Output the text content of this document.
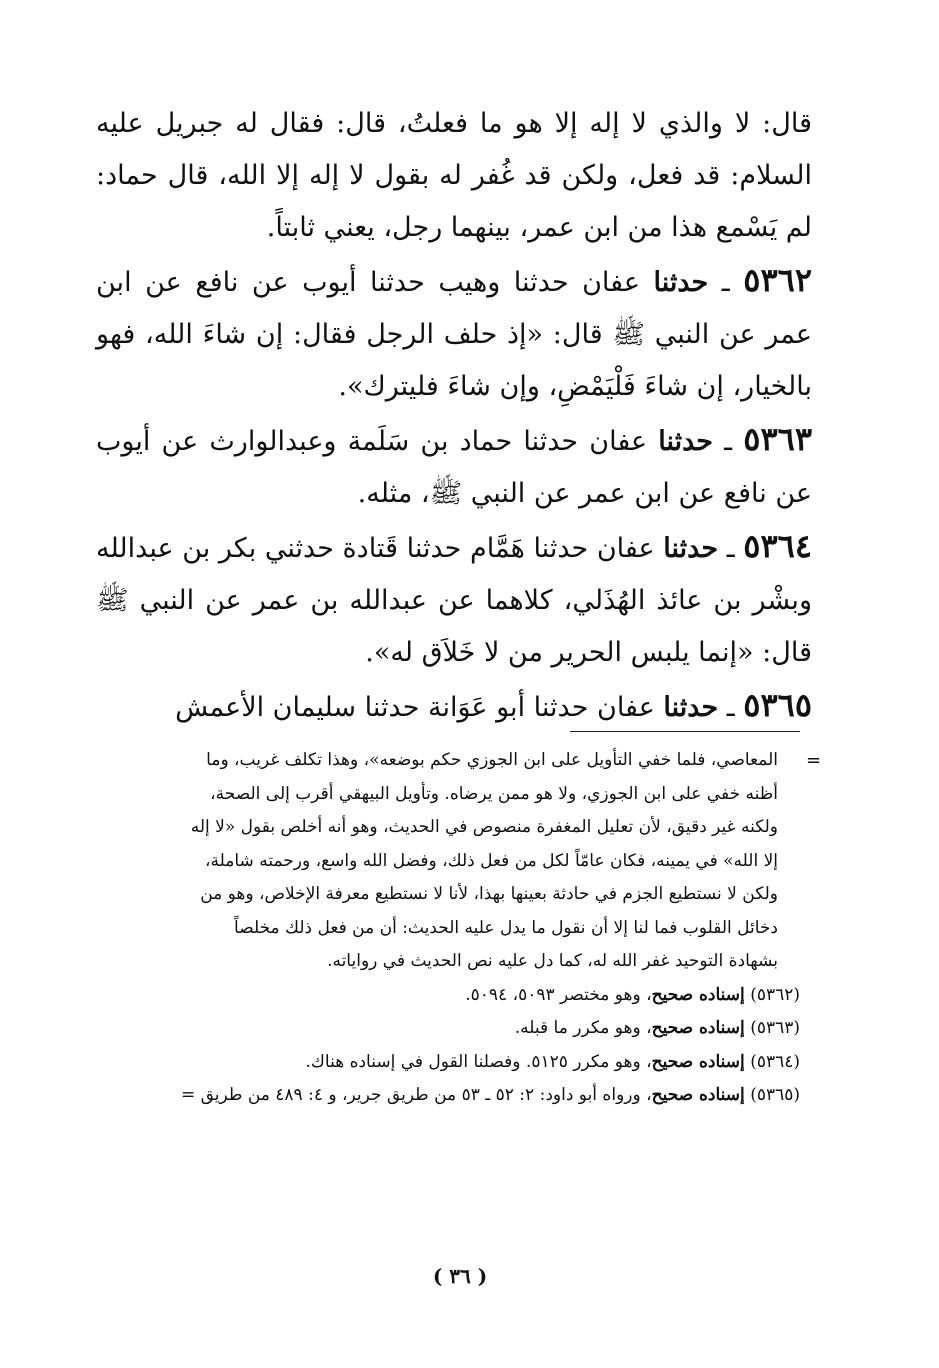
قال: لا والذي لا إله إلا هو ما فعلتُ، قال: فقال له جبريل عليه السلام: قد فعل، ولكن قد غُفر له بقول لا إله إلا الله، قال حماد: لم يَسْمع هذا من ابن عمر، بينهما رجل، يعني ثابتاً.

٥٣٦٢ ـ حدثنا عفان حدثنا وهيب حدثنا أيوب عن نافع عن ابن عمر عن النبي ﷺ قال: «إذ حلف الرجل فقال: إن شاءَ الله، فهو بالخيار، إن شاءَ فَلْيَمْضِ، وإن شاءَ فليترك».

٥٣٦٣ ـ حدثنا عفان حدثنا حماد بن سَلَمة وعبدالوارث عن أيوب عن نافع عن ابن عمر عن النبي ﷺ، مثله.

٥٣٦٤ ـ حدثنا عفان حدثنا هَمَّام حدثنا قَتادة حدثني بكر بن عبدالله وبشْر بن عائذ الهُذَلي، كلاهما عن عبدالله بن عمر عن النبي ﷺ قال: «إنما يلبس الحرير من لا خَلاَق له».

٥٣٦٥ ـ حدثنا عفان حدثنا أبو عَوَانة حدثنا سليمان الأعمش

=

المعاصي، فلما خفي التأويل على ابن الجوزي حكم بوضعه»، وهذا تكلف غريب، وما

أظنه خفي على ابن الجوزي، ولا هو ممن يرضاه. وتأويل البيهقي أقرب إلى الصحة،

ولكنه غير دقيق، لأن تعليل المغفرة منصوص في الحديث، وهو أنه أخلص بقول «لا إله

إلا الله» في يمينه، فكان عامّاً لكل من فعل ذلك، وفضل الله واسع، ورحمته شاملة،

ولكن لا نستطيع الجزم في حادثة بعينها بهذا، لأنا لا نستطيع معرفة الإخلاص، وهو من

دخائل القلوب فما لنا إلا أن نقول ما يدل عليه الحديث: أن من فعل ذلك مخلصاً

بشهادة التوحيد غفر الله له، كما دل عليه نص الحديث في رواياته.

(٥٣٦٢) إسناده صحيح، وهو مختصر ٥٠٩٣، ٥٠٩٤.

(٥٣٦٣) إسناده صحيح، وهو مكرر ما قبله.

(٥٣٦٤) إسناده صحيح، وهو مكرر ٥١٢٥. وفصلنا القول في إسناده هناك.

(٥٣٦٥) إسناده صحيح، ورواه أبو داود: ٢: ٥٢ ـ ٥٣ من طريق جرير، و ٤: ٤٨٩ من طريق =

( ٣٦ )
